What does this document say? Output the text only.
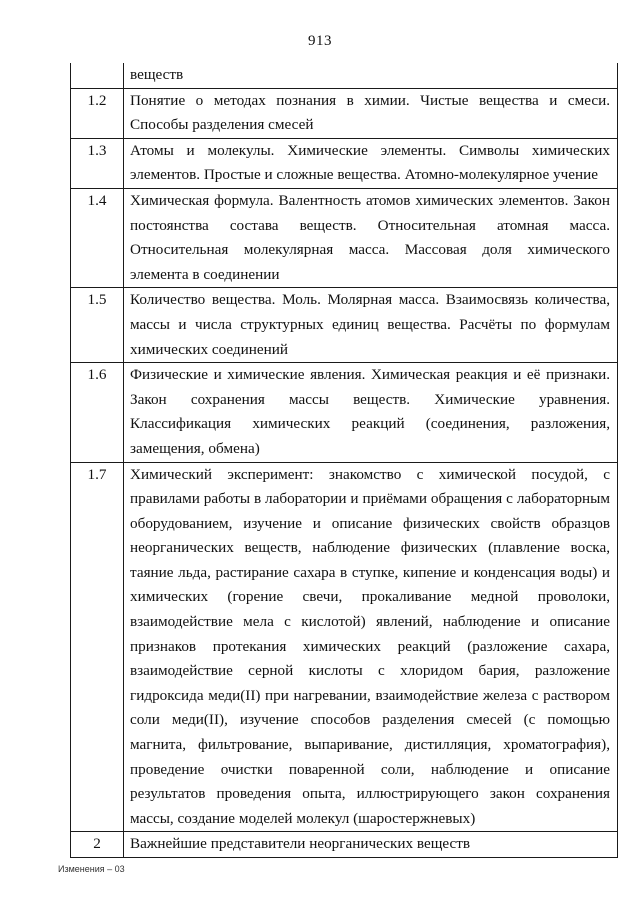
913
	веществ
1.2	Понятие о методах познания в химии. Чистые вещества и смеси. Способы разделения смесей
1.3	Атомы и молекулы. Химические элементы. Символы химических элементов. Простые и сложные вещества. Атомно-молекулярное учение
1.4	Химическая формула. Валентность атомов химических элементов. Закон постоянства состава веществ. Относительная атомная масса. Относительная молекулярная масса. Массовая доля химического элемента в соединении
1.5	Количество вещества. Моль. Молярная масса. Взаимосвязь количества, массы и числа структурных единиц вещества. Расчёты по формулам химических соединений
1.6	Физические и химические явления. Химическая реакция и её признаки. Закон сохранения массы веществ. Химические уравнения. Классификация химических реакций (соединения, разложения, замещения, обмена)
1.7	Химический эксперимент: знакомство с химической посудой, с правилами работы в лаборатории и приёмами обращения с лабораторным оборудованием, изучение и описание физических свойств образцов неорганических веществ, наблюдение физических (плавление воска, таяние льда, растирание сахара в ступке, кипение и конденсация воды) и химических (горение свечи, прокаливание медной проволоки, взаимодействие мела с кислотой) явлений, наблюдение и описание признаков протекания химических реакций (разложение сахара, взаимодействие серной кислоты с хлоридом бария, разложение гидроксида меди(II) при нагревании, взаимодействие железа с раствором соли меди(II), изучение способов разделения смесей (с помощью магнита, фильтрование, выпаривание, дистилляция, хроматография), проведение очистки поваренной соли, наблюдение и описание результатов проведения опыта, иллюстрирующего закон сохранения массы, создание моделей молекул (шаростержневых)
2	Важнейшие представители неорганических веществ
Изменения – 03
